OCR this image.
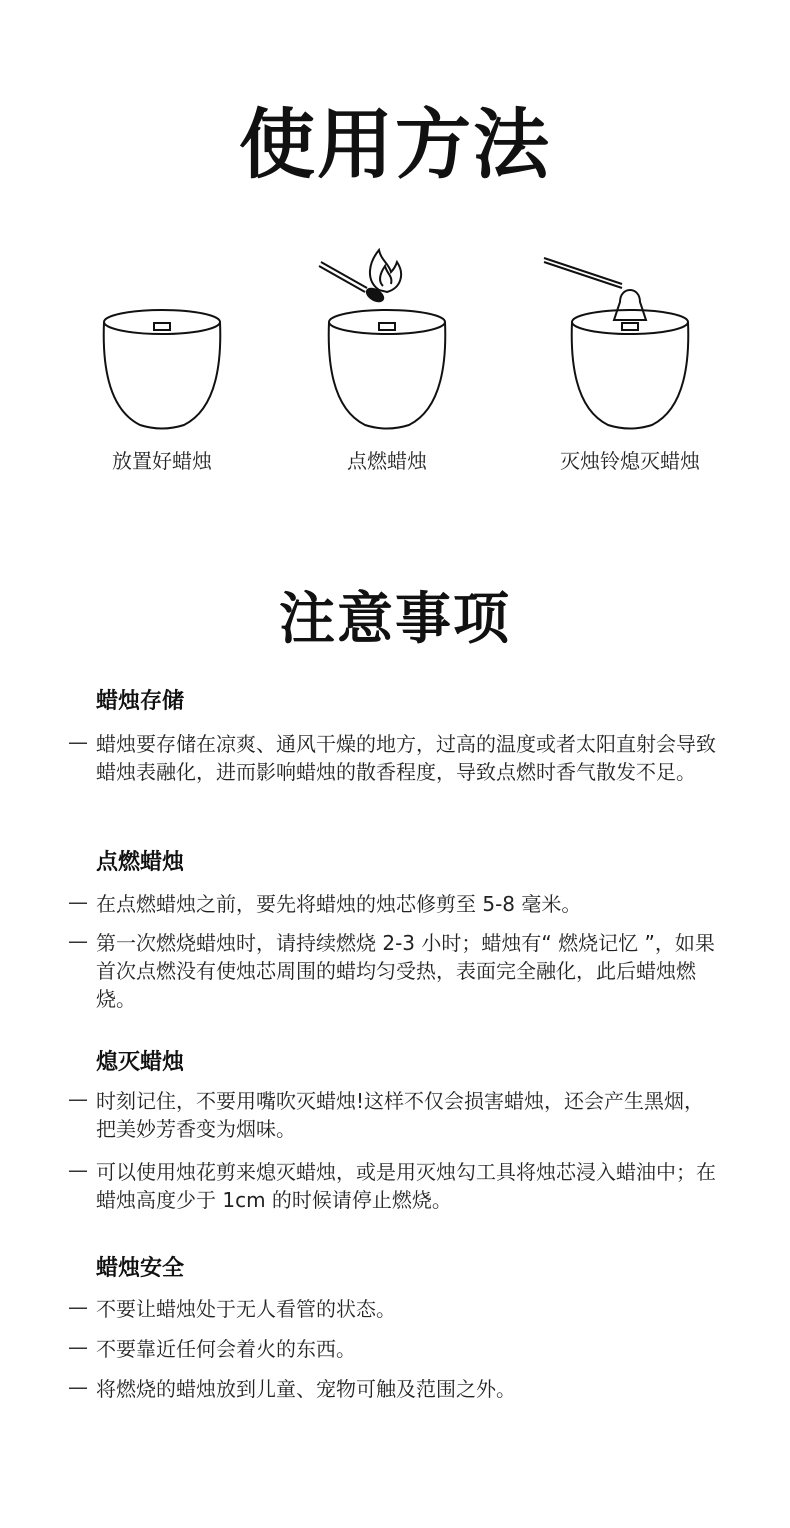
使用方法
放置好蜡烛	点燃蜡烛	灭烛铃熄灭蜡烛
注意事项
蜡烛存储
— 蜡烛要存储在凉爽、通风干燥的地方，过高的温度或者太阳直射会导致蜡烛表融化，进而影响蜡烛的散香程度，导致点燃时香气散发不足。
点燃蜡烛
— 在点燃蜡烛之前，要先将蜡烛的烛芯修剪至 5-8 毫米。
— 第一次燃烧蜡烛时，请持续燃烧 2-3 小时；蜡烛有“ 燃烧记忆 ”，如果首次点燃没有使烛芯周围的蜡均匀受热，表面完全融化，此后蜡烛燃烧。
熄灭蜡烛
— 时刻记住，不要用嘴吹灭蜡烛!这样不仅会损害蜡烛，还会产生黑烟，把美妙芳香变为烟味。
— 可以使用烛花剪来熄灭蜡烛，或是用灭烛勾工具将烛芯浸入蜡油中；在蜡烛高度少于 1cm 的时候请停止燃烧。
蜡烛安全
— 不要让蜡烛处于无人看管的状态。
— 不要靠近任何会着火的东西。
— 将燃烧的蜡烛放到儿童、宠物可触及范围之外。
